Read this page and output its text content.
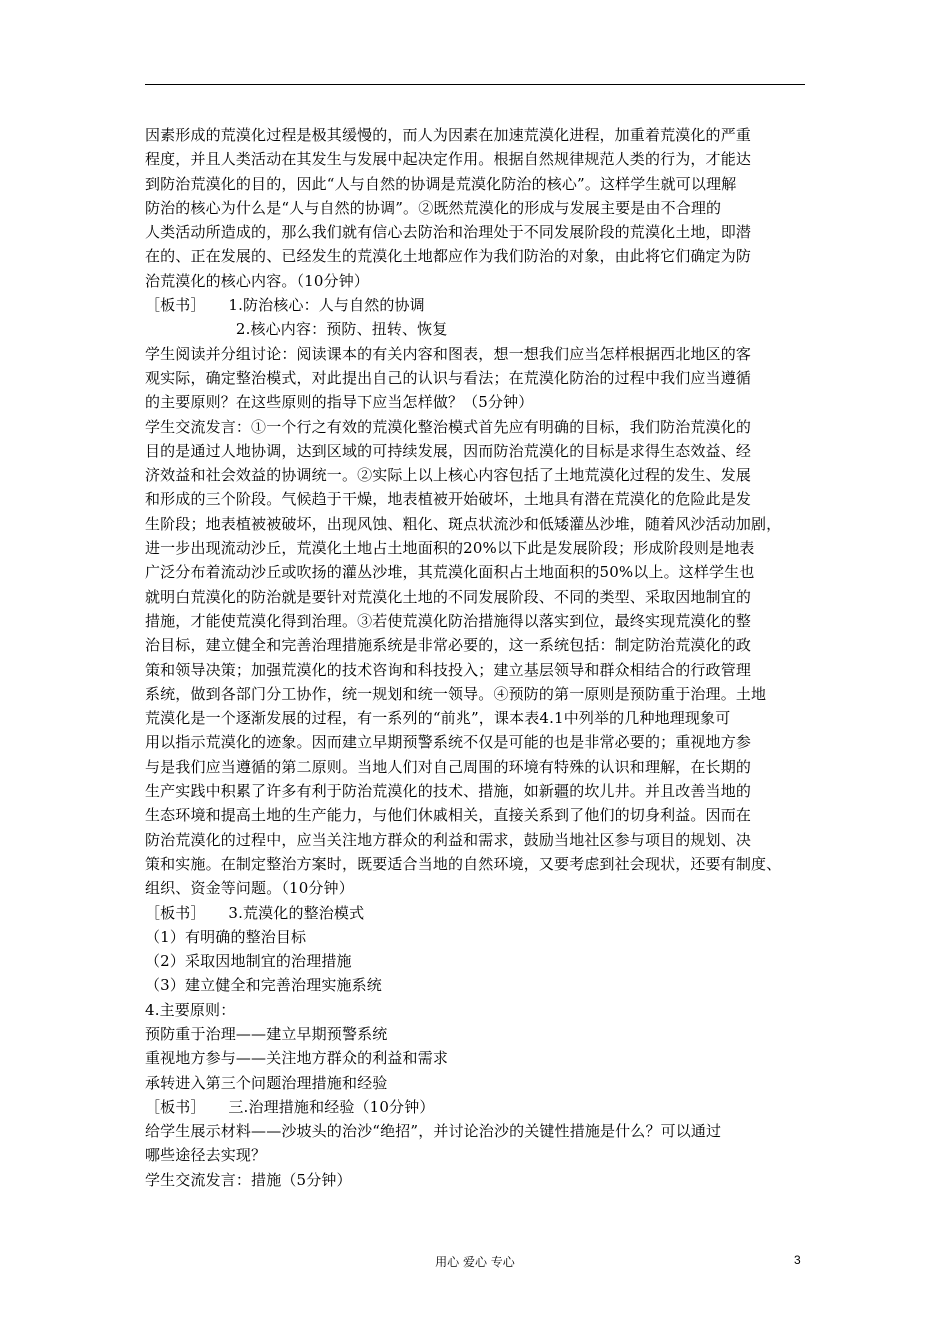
因素形成的荒漠化过程是极其缓慢的，而人为因素在加速荒漠化进程，加重着荒漠化的严重
程度，并且人类活动在其发生与发展中起决定作用。根据自然规律规范人类的行为，才能达
到防治荒漠化的目的，因此“人与自然的协调是荒漠化防治的核心”。这样学生就可以理解
防治的核心为什么是“人与自然的协调”。②既然荒漠化的形成与发展主要是由不合理的
人类活动所造成的，那么我们就有信心去防治和治理处于不同发展阶段的荒漠化土地，即潜
在的、正在发展的、已经发生的荒漠化土地都应作为我们防治的对象，由此将它们确定为防
治荒漠化的核心内容。（10分钟）
［板书］　　1.防治核心：人与自然的协调
　　　　　　2.核心内容：预防、扭转、恢复
学生阅读并分组讨论：阅读课本的有关内容和图表，想一想我们应当怎样根据西北地区的客
观实际，确定整治模式，对此提出自己的认识与看法；在荒漠化防治的过程中我们应当遵循
的主要原则？在这些原则的指导下应当怎样做？（5分钟）
学生交流发言：①一个行之有效的荒漠化整治模式首先应有明确的目标，我们防治荒漠化的
目的是通过人地协调，达到区域的可持续发展，因而防治荒漠化的目标是求得生态效益、经
济效益和社会效益的协调统一。②实际上以上核心内容包括了土地荒漠化过程的发生、发展
和形成的三个阶段。气候趋于干燥，地表植被开始破坏，土地具有潜在荒漠化的危险此是发
生阶段；地表植被被破坏，出现风蚀、粗化、斑点状流沙和低矮灌丛沙堆，随着风沙活动加剧，
进一步出现流动沙丘，荒漠化土地占土地面积的20%以下此是发展阶段；形成阶段则是地表
广泛分布着流动沙丘或吹扬的灌丛沙堆，其荒漠化面积占土地面积的50%以上。这样学生也
就明白荒漠化的防治就是要针对荒漠化土地的不同发展阶段、不同的类型、采取因地制宜的
措施，才能使荒漠化得到治理。③若使荒漠化防治措施得以落实到位，最终实现荒漠化的整
治目标，建立健全和完善治理措施系统是非常必要的，这一系统包括：制定防治荒漠化的政
策和领导决策；加强荒漠化的技术咨询和科技投入；建立基层领导和群众相结合的行政管理
系统，做到各部门分工协作，统一规划和统一领导。④预防的第一原则是预防重于治理。土地
荒漠化是一个逐渐发展的过程，有一系列的“前兆”，课本表4.1中列举的几种地理现象可
用以指示荒漠化的迹象。因而建立早期预警系统不仅是可能的也是非常必要的；重视地方参
与是我们应当遵循的第二原则。当地人们对自己周围的环境有特殊的认识和理解，在长期的
生产实践中积累了许多有利于防治荒漠化的技术、措施，如新疆的坎儿井。并且改善当地的
生态环境和提高土地的生产能力，与他们休戚相关，直接关系到了他们的切身利益。因而在
防治荒漠化的过程中，应当关注地方群众的利益和需求，鼓励当地社区参与项目的规划、决
策和实施。在制定整治方案时，既要适合当地的自然环境，又要考虑到社会现状，还要有制度、
组织、资金等问题。（10分钟）
［板书］　　3.荒漠化的整治模式
（1）有明确的整治目标
（2）采取因地制宜的治理措施
（3）建立健全和完善治理实施系统
4.主要原则：
预防重于治理——建立早期预警系统
重视地方参与——关注地方群众的利益和需求
承转进入第三个问题治理措施和经验
［板书］　　三.治理措施和经验（10分钟）
给学生展示材料——沙坡头的治沙“绝招”，并讨论治沙的关键性措施是什么？可以通过
哪些途径去实现？
学生交流发言：措施（5分钟）
用心 爱心 专心	3
